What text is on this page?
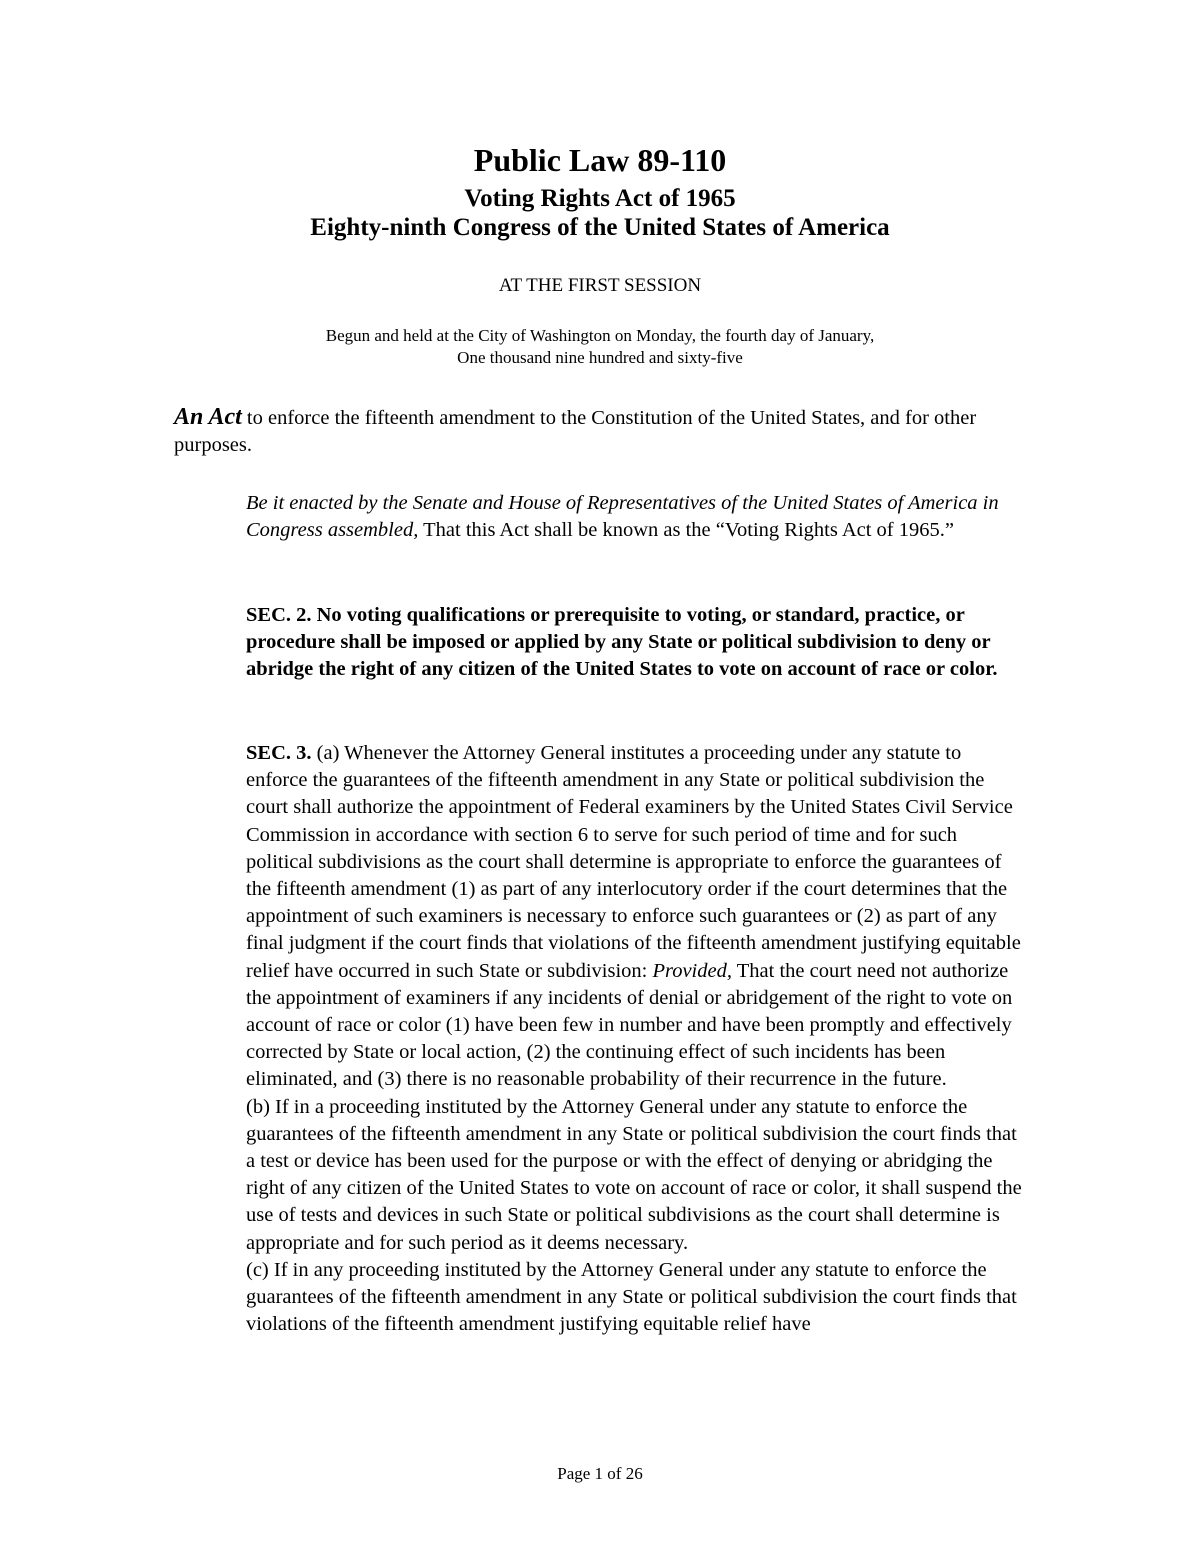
Public Law 89-110
Voting Rights Act of 1965
Eighty-ninth Congress of the United States of America
AT THE FIRST SESSION
Begun and held at the City of Washington on Monday, the fourth day of January,
One thousand nine hundred and sixty-five

An Act to enforce the fifteenth amendment to the Constitution of the United States, and for other purposes.

Be it enacted by the Senate and House of Representatives of the United States of America in Congress assembled, That this Act shall be known as the “Voting Rights Act of 1965.”

SEC. 2. No voting qualifications or prerequisite to voting, or standard, practice, or procedure shall be imposed or applied by any State or political subdivision to deny or abridge the right of any citizen of the United States to vote on account of race or color.

SEC. 3. (a) Whenever the Attorney General institutes a proceeding under any statute to enforce the guarantees of the fifteenth amendment in any State or political subdivision the court shall authorize the appointment of Federal examiners by the United States Civil Service Commission in accordance with section 6 to serve for such period of time and for such political subdivisions as the court shall determine is appropriate to enforce the guarantees of the fifteenth amendment (1) as part of any interlocutory order if the court determines that the appointment of such examiners is necessary to enforce such guarantees or (2) as part of any final judgment if the court finds that violations of the fifteenth amendment justifying equitable relief have occurred in such State or subdivision: Provided, That the court need not authorize the appointment of examiners if any incidents of denial or abridgement of the right to vote on account of race or color (1) have been few in number and have been promptly and effectively corrected by State or local action, (2) the continuing effect of such incidents has been eliminated, and (3) there is no reasonable probability of their recurrence in the future.

(b) If in a proceeding instituted by the Attorney General under any statute to enforce the guarantees of the fifteenth amendment in any State or political subdivision the court finds that a test or device has been used for the purpose or with the effect of denying or abridging the right of any citizen of the United States to vote on account of race or color, it shall suspend the use of tests and devices in such State or political subdivisions as the court shall determine is appropriate and for such period as it deems necessary.

(c) If in any proceeding instituted by the Attorney General under any statute to enforce the guarantees of the fifteenth amendment in any State or political subdivision the court finds that violations of the fifteenth amendment justifying equitable relief have

Page 1 of 26
